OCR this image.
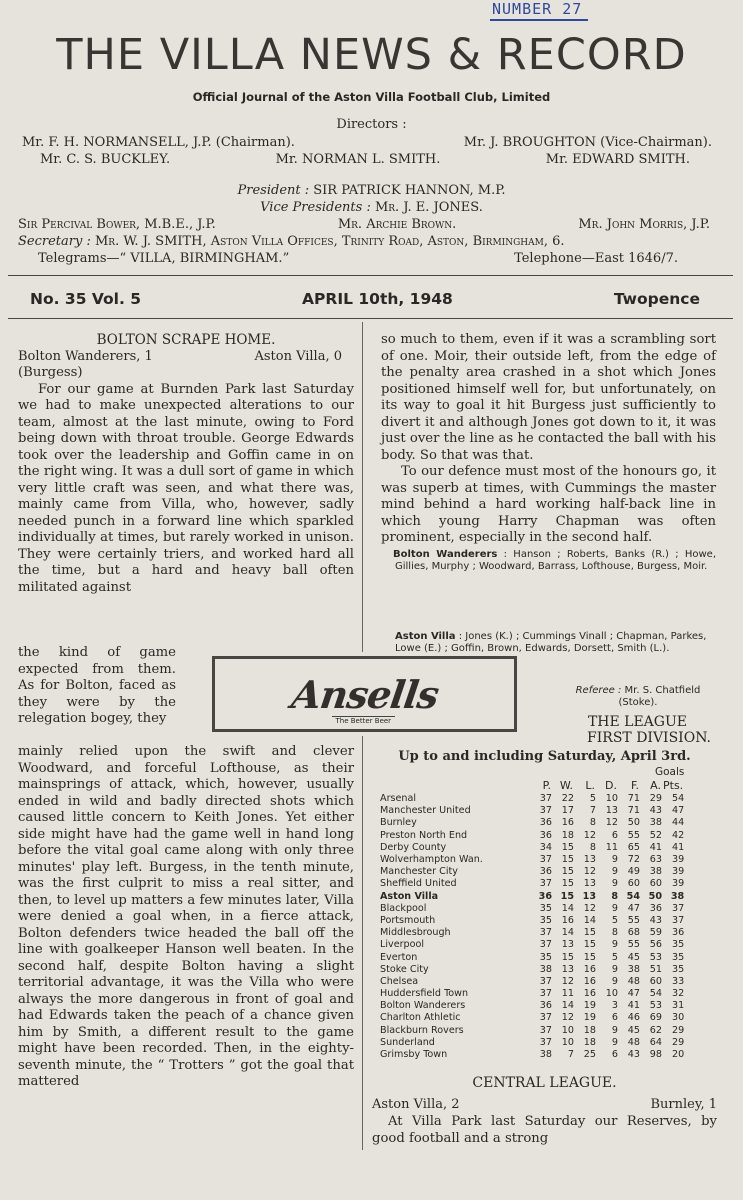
NUMBER 27
THE VILLA NEWS & RECORD
Official Journal of the Aston Villa Football Club, Limited
Directors :
Mr. F. H. NORMANSELL, J.P. (Chairman).	Mr. J. BROUGHTON (Vice-Chairman).
Mr. C. S. BUCKLEY.	Mr. NORMAN L. SMITH.	Mr. EDWARD SMITH.
President : SIR PATRICK HANNON, M.P.
Vice Presidents : Mr. J. E. JONES.
Sir Percival Bower, M.B.E., J.P.	Mr. Archie Brown.	Mr. John Morris, J.P.
Secretary : Mr. W. J. SMITH, Aston Villa Offices, Trinity Road, Aston, Birmingham, 6.
Telegrams—“ VILLA, BIRMINGHAM.”	Telephone—East 1646/7.
No. 35 Vol. 5	APRIL 10th, 1948	Twopence
BOLTON SCRAPE HOME.
Bolton Wanderers, 1	Aston Villa, 0
(Burgess)

For our game at Burnden Park last Saturday we had to make unexpected alterations to our team, almost at the last minute, owing to Ford being down with throat trouble. George Edwards took over the leadership and Goffin came in on the right wing. It was a dull sort of game in which very little craft was seen, and what there was, mainly came from Villa, who, however, sadly needed punch in a forward line which sparkled individually at times, but rarely worked in unison. They were certainly triers, and worked hard all the time, but a hard and heavy ball often militated against

the kind of game expected from them. As for Bolton, faced as they were by the relegation bogey, they
mainly relied upon the swift and clever Woodward, and forceful Lofthouse, as their mainsprings of attack, which, however, usually ended in wild and badly directed shots which caused little concern to Keith Jones. Yet either side might have had the game well in hand long before the vital goal came along with only three minutes' play left. Burgess, in the tenth minute, was the first culprit to miss a real sitter, and then, to level up matters a few minutes later, Villa were denied a goal when, in a fierce attack, Bolton defenders twice headed the ball off the line with goalkeeper Hanson well beaten. In the second half, despite Bolton having a slight territorial advantage, it was the Villa who were always the more dangerous in front of goal and had Edwards taken the peach of a chance given him by Smith, a different result to the game might have been recorded. Then, in the eighty-seventh minute, the “ Trotters ” got the goal that mattered
so much to them, even if it was a scrambling sort of one. Moir, their outside left, from the edge of the penalty area crashed in a shot which Jones positioned himself well for, but unfortunately, on its way to goal it hit Burgess just sufficiently to divert it and although Jones got down to it, it was just over the line as he contacted the ball with his body. So that was that.

To our defence must most of the honours go, it was superb at times, with Cummings the master mind behind a hard working half-back line in which young Harry Chapman was often prominent, especially in the second half.

Bolton Wanderers : Hanson ; Roberts, Banks (R.) ; Howe, Gillies, Murphy ; Woodward, Barrass, Lofthouse, Burgess, Moir.
Aston Villa : Jones (K.) ; Cummings Vinall ; Chapman, Parkes, Lowe (E.) ; Goffin, Brown, Edwards, Dorsett, Smith (L.).
Referee : Mr. S. Chatfield (Stoke).
Ansells
The Better Beer	THE LEAGUE
FIRST DIVISION.
Up to and including Saturday, April 3rd.
Goals
	P.	W.	L.	D.	F.	A.	Pts.
Arsenal	37	22	5	10	71	29	54
Manchester United	37	17	7	13	71	43	47
Burnley	36	16	8	12	50	38	44
Preston North End	36	18	12	6	55	52	42
Derby County	34	15	8	11	65	41	41
Wolverhampton Wan.	37	15	13	9	72	63	39
Manchester City	36	15	12	9	49	38	39
Sheffield United	37	15	13	9	60	60	39
Aston Villa	36	15	13	8	54	50	38
Blackpool	35	14	12	9	47	36	37
Portsmouth	35	16	14	5	55	43	37
Middlesbrough	37	14	15	8	68	59	36
Liverpool	37	13	15	9	55	56	35
Everton	35	15	15	5	45	53	35
Stoke City	38	13	16	9	38	51	35
Chelsea	37	12	16	9	48	60	33
Huddersfield Town	37	11	16	10	47	54	32
Bolton Wanderers	36	14	19	3	41	53	31
Charlton Athletic	37	12	19	6	46	69	30
Blackburn Rovers	37	10	18	9	45	62	29
Sunderland	37	10	18	9	48	64	29
Grimsby Town	38	7	25	6	43	98	20
CENTRAL LEAGUE.
Aston Villa, 2	Burnley, 1
At Villa Park last Saturday our Reserves, by good football and a strong
